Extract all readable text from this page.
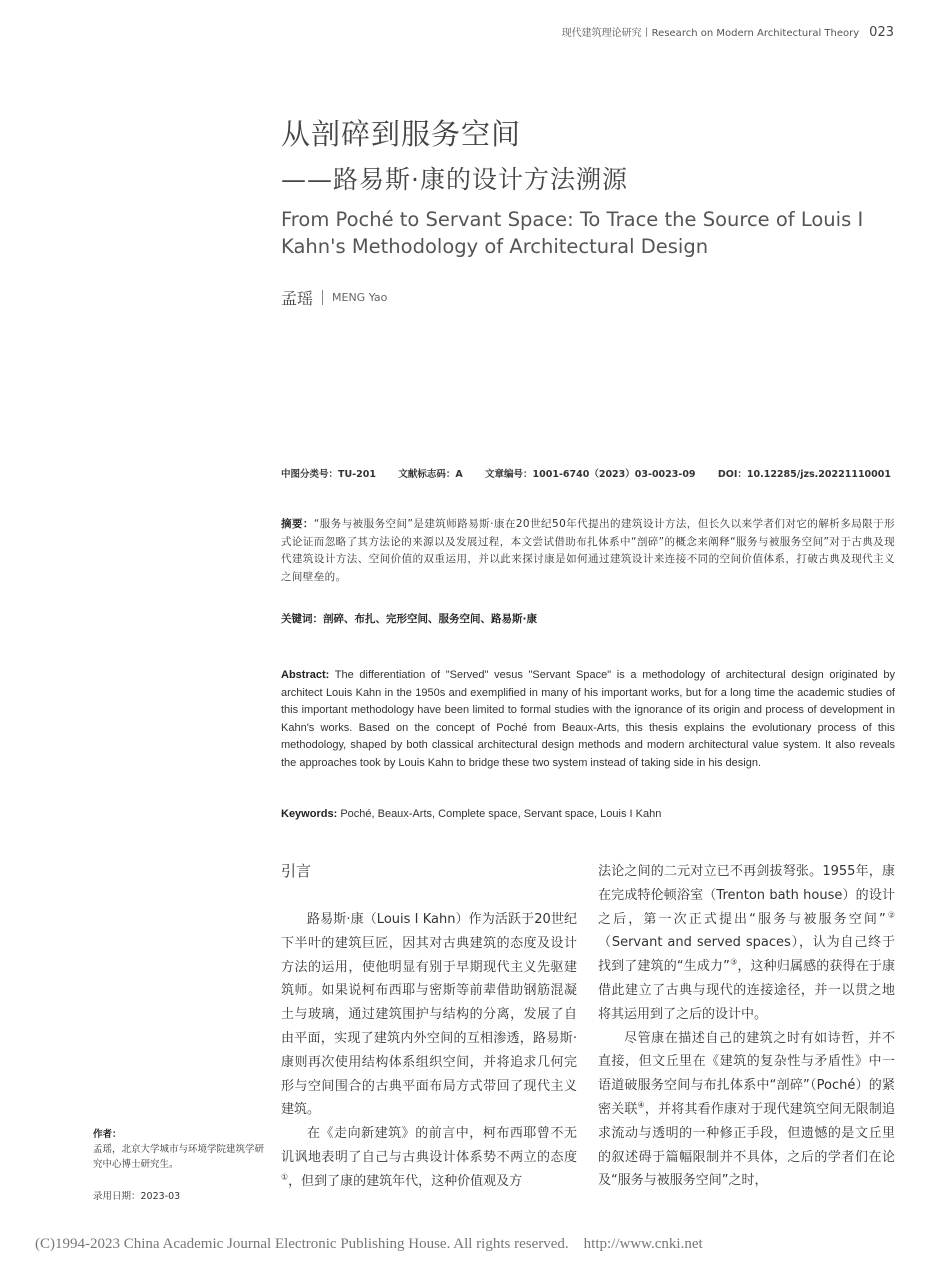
现代建筑理论研究丨Research on Modern Architectural Theory 023
从剖碎到服务空间
——路易斯·康的设计方法溯源
From Poché to Servant Space: To Trace the Source of Louis I Kahn's Methodology of Architectural Design
孟瑶 MENG Yao
中图分类号：TU-201 文献标志码：A 文章编号：1001-6740（2023）03-0023-09 DOI：10.12285/jzs.20221110001
摘要：“服务与被服务空间”是建筑师路易斯·康在20世纪50年代提出的建筑设计方法，但长久以来学者们对它的解析多局限于形式论证而忽略了其方法论的来源以及发展过程，本文尝试借助布扎体系中“剖碎”的概念来阐释“服务与被服务空间”对于古典及现代建筑设计方法、空间价值的双重运用，并以此来探讨康是如何通过建筑设计来连接不同的空间价值体系，打破古典及现代主义之间壁垒的。
关键词：剖碎、布扎、完形空间、服务空间、路易斯·康
Abstract: The differentiation of "Served" vesus "Servant Space" is a methodology of architectural design originated by architect Louis Kahn in the 1950s and exemplified in many of his important works, but for a long time the academic studies of this important methodology have been limited to formal studies with the ignorance of its origin and process of development in Kahn's works. Based on the concept of Poché from Beaux-Arts, this thesis explains the evolutionary process of this methodology, shaped by both classical architectural design methods and modern architectural value system. It also reveals the approaches took by Louis Kahn to bridge these two system instead of taking side in his design.
Keywords: Poché, Beaux-Arts, Complete space, Servant space, Louis I Kahn
引言

路易斯·康（Louis I Kahn）作为活跃于20世纪下半叶的建筑巨匠，因其对古典建筑的态度及设计方法的运用，使他明显有别于早期现代主义先驱建筑师。如果说柯布西耶与密斯等前辈借助钢筋混凝土与玻璃，通过建筑围护与结构的分离，发展了自由平面，实现了建筑内外空间的互相渗透，路易斯·康则再次使用结构体系组织空间，并将追求几何完形与空间围合的古典平面布局方式带回了现代主义建筑。

在《走向新建筑》的前言中，柯布西耶曾不无讥讽地表明了自己与古典设计体系势不两立的态度①，但到了康的建筑年代，这种价值观及方

法论之间的二元对立已不再剑拔弩张。1955年，康在完成特伦顿浴室（Trenton bath house）的设计之后，第一次正式提出“服务与被服务空间”②（Servant and served spaces），认为自己终于找到了建筑的“生成力”③，这种归属感的获得在于康借此建立了古典与现代的连接途径，并一以贯之地将其运用到了之后的设计中。

尽管康在描述自己的建筑之时有如诗哲，并不直接，但文丘里在《建筑的复杂性与矛盾性》中一语道破服务空间与布扎体系中“剖碎”（Poché）的紧密关联④，并将其看作康对于现代建筑空间无限制追求流动与透明的一种修正手段，但遗憾的是文丘里的叙述碍于篇幅限制并不具体，之后的学者们在论及“服务与被服务空间”之时，

作者：
孟瑶，北京大学城市与环境学院建筑学研究中心博士研究生。
录用日期：2023-03
(C)1994-2023 China Academic Journal Electronic Publishing House. All rights reserved. http://www.cnki.net
